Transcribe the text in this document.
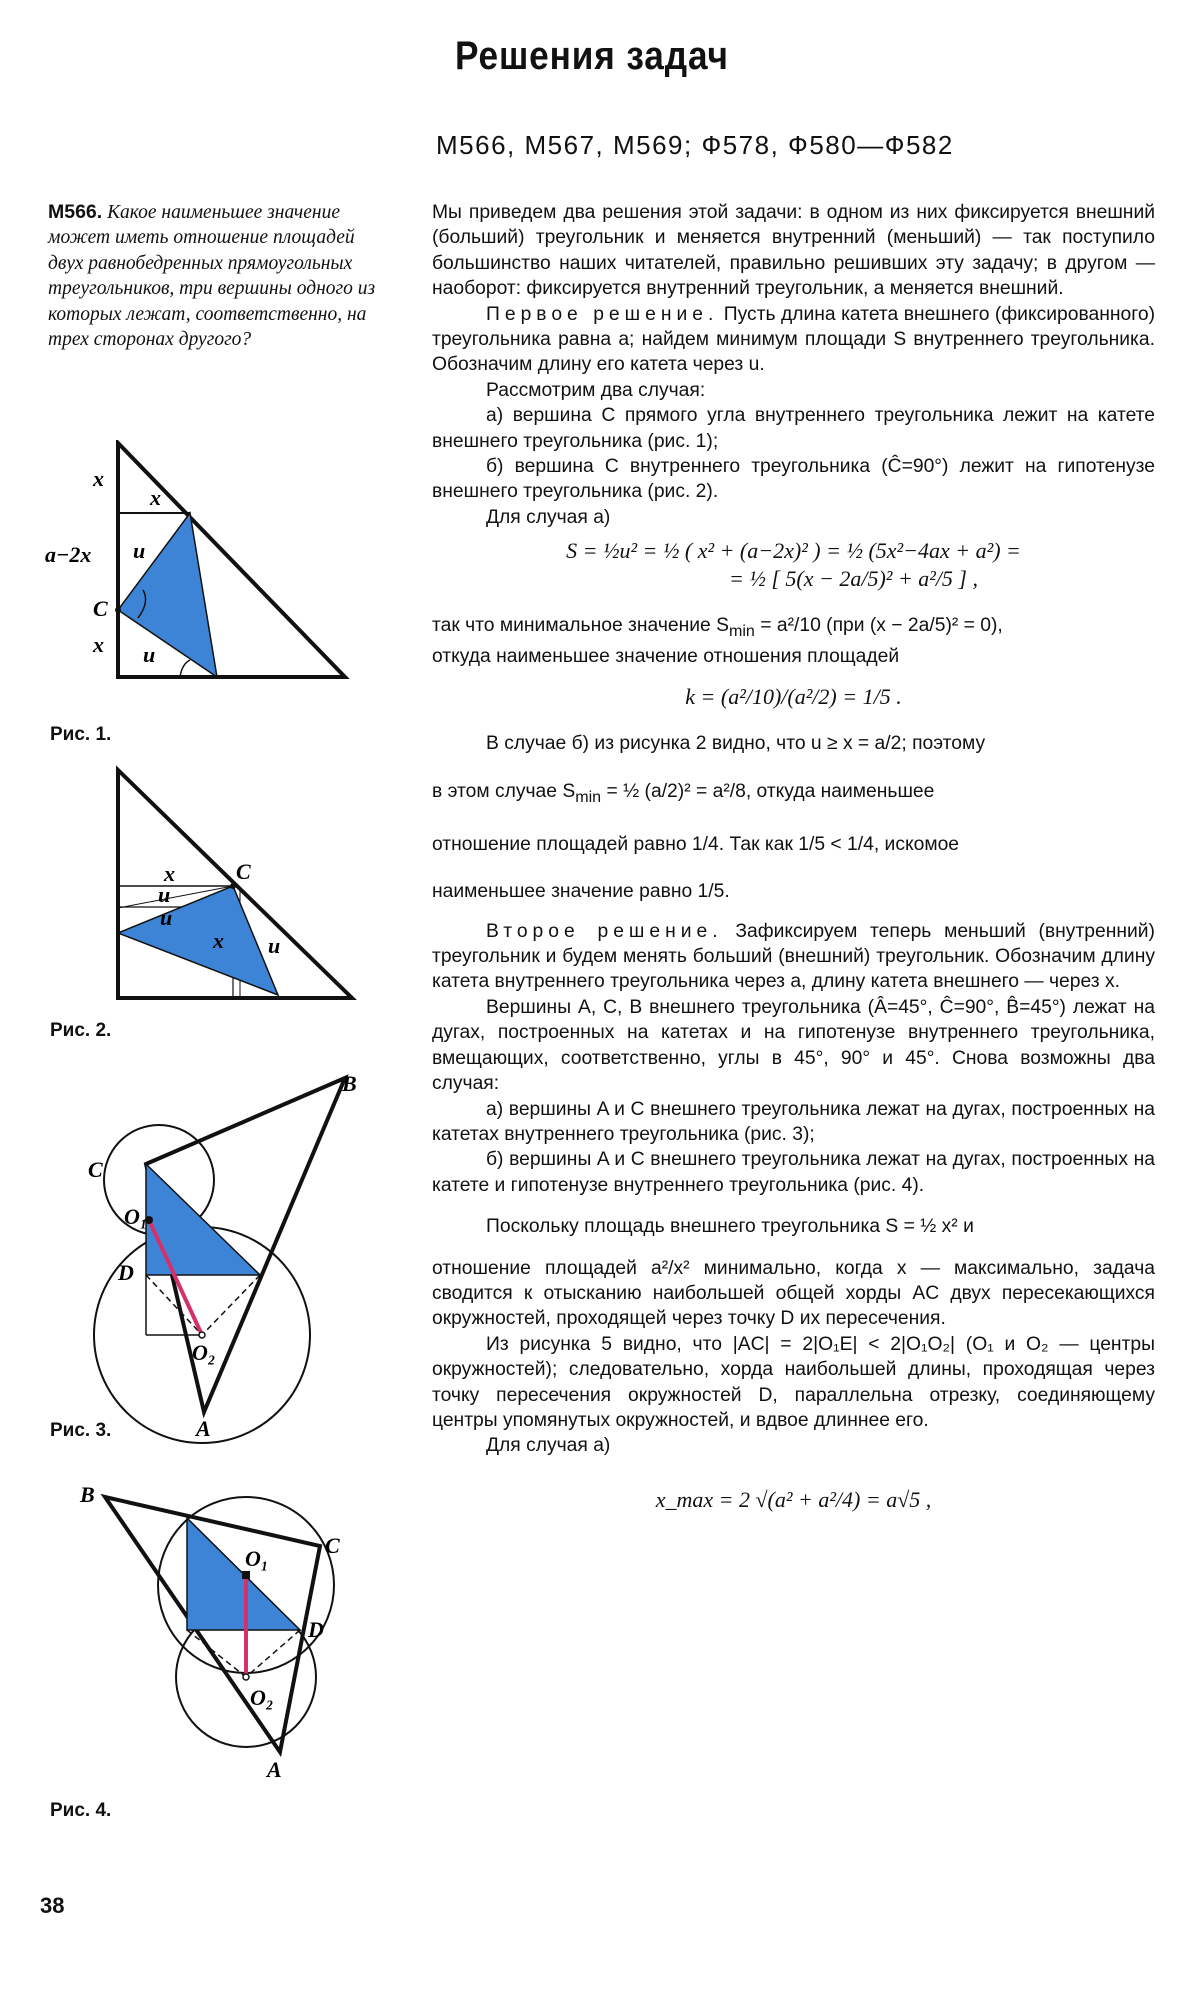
Решения задач
М566, М567, М569; Ф578, Ф580—Ф582
М566. Какое наименьшее значение может иметь отношение площадей двух равнобедренных прямоугольных треугольников, три вершины одного из которых лежат, соответственно, на трех сторонах другого?
x
x
a−2x u
C
x u
Рис. 1.
x	C
u
u
x u
Рис. 2.
B
C
O₁
D
O₂
A
Рис. 3.
B
C
O₁
D
O₂
A
Рис. 4.

Мы приведем два решения этой задачи: в одном из них фиксируется внешний (больший) треугольник и меняется внутренний (меньший) — так поступило большинство наших читателей, правильно решивших эту задачу; в другом — наоборот: фиксируется внутренний треугольник, а меняется внешний.

Первое решение. Пусть длина катета внешнего (фиксированного) треугольника равна a; найдем минимум площади S внутреннего треугольника. Обозначим длину его катета через u.

Рассмотрим два случая:

а) вершина C прямого угла внутреннего треугольника лежит на катете внешнего треугольника (рис. 1);

б) вершина C внутреннего треугольника (Ĉ=90°) лежит на гипотенузе внешнего треугольника (рис. 2).

Для случая а)

S = ½u² = ½ ( x² + (a−2x)² ) = ½ (5x²−4ax + a²) =
= ½ [ 5(x − 2a/5)² + a²/5 ] ,

так что минимальное значение $S_{min} = a^2/10$ (при (x − 2a/5)² = 0),

откуда наименьшее значение отношения площадей

k = (a²/10)/(a²/2) = 1/5 .

В случае б) из рисунка 2 видно, что u ≥ x = a/2; поэтому

в этом случае $S_{min}$ = ½ (a/2)² = a²/8, откуда наименьшее

отношение площадей равно 1/4. Так как 1/5 < 1/4, искомое

наименьшее значение равно 1/5.

Второе решение. Зафиксируем теперь меньший (внутренний) треугольник и будем менять больший (внешний) треугольник. Обозначим длину катета внутреннего треугольника через a, длину катета внешнего — через x.

Вершины A, C, B внешнего треугольника (Â=45°, Ĉ=90°, B̂=45°) лежат на дугах, построенных на катетах и на гипотенузе внутреннего треугольника, вмещающих, соответственно, углы в 45°, 90° и 45°. Снова возможны два случая:

а) вершины A и C внешнего треугольника лежат на дугах, построенных на катетах внутреннего треугольника (рис. 3);

б) вершины A и C внешнего треугольника лежат на дугах, построенных на катете и гипотенузе внутреннего треугольника (рис. 4).

Поскольку площадь внешнего треугольника S = ½ x² и

отношение площадей a²/x² минимально, когда x — максимально, задача сводится к отысканию наибольшей общей хорды AC двух пересекающихся окружностей, проходящей через точку D их пересечения.

Из рисунка 5 видно, что |AC| = 2|O₁E| < 2|O₁O₂| (O₁ и O₂ — центры окружностей); следовательно, хорда наибольшей длины, проходящая через точку пересечения окружностей D, параллельна отрезку, соединяющему центры упомянутых окружностей, и вдвое длиннее его.

Для случая а)

x_max = 2 √(a² + a²/4) = a√5 ,
38
